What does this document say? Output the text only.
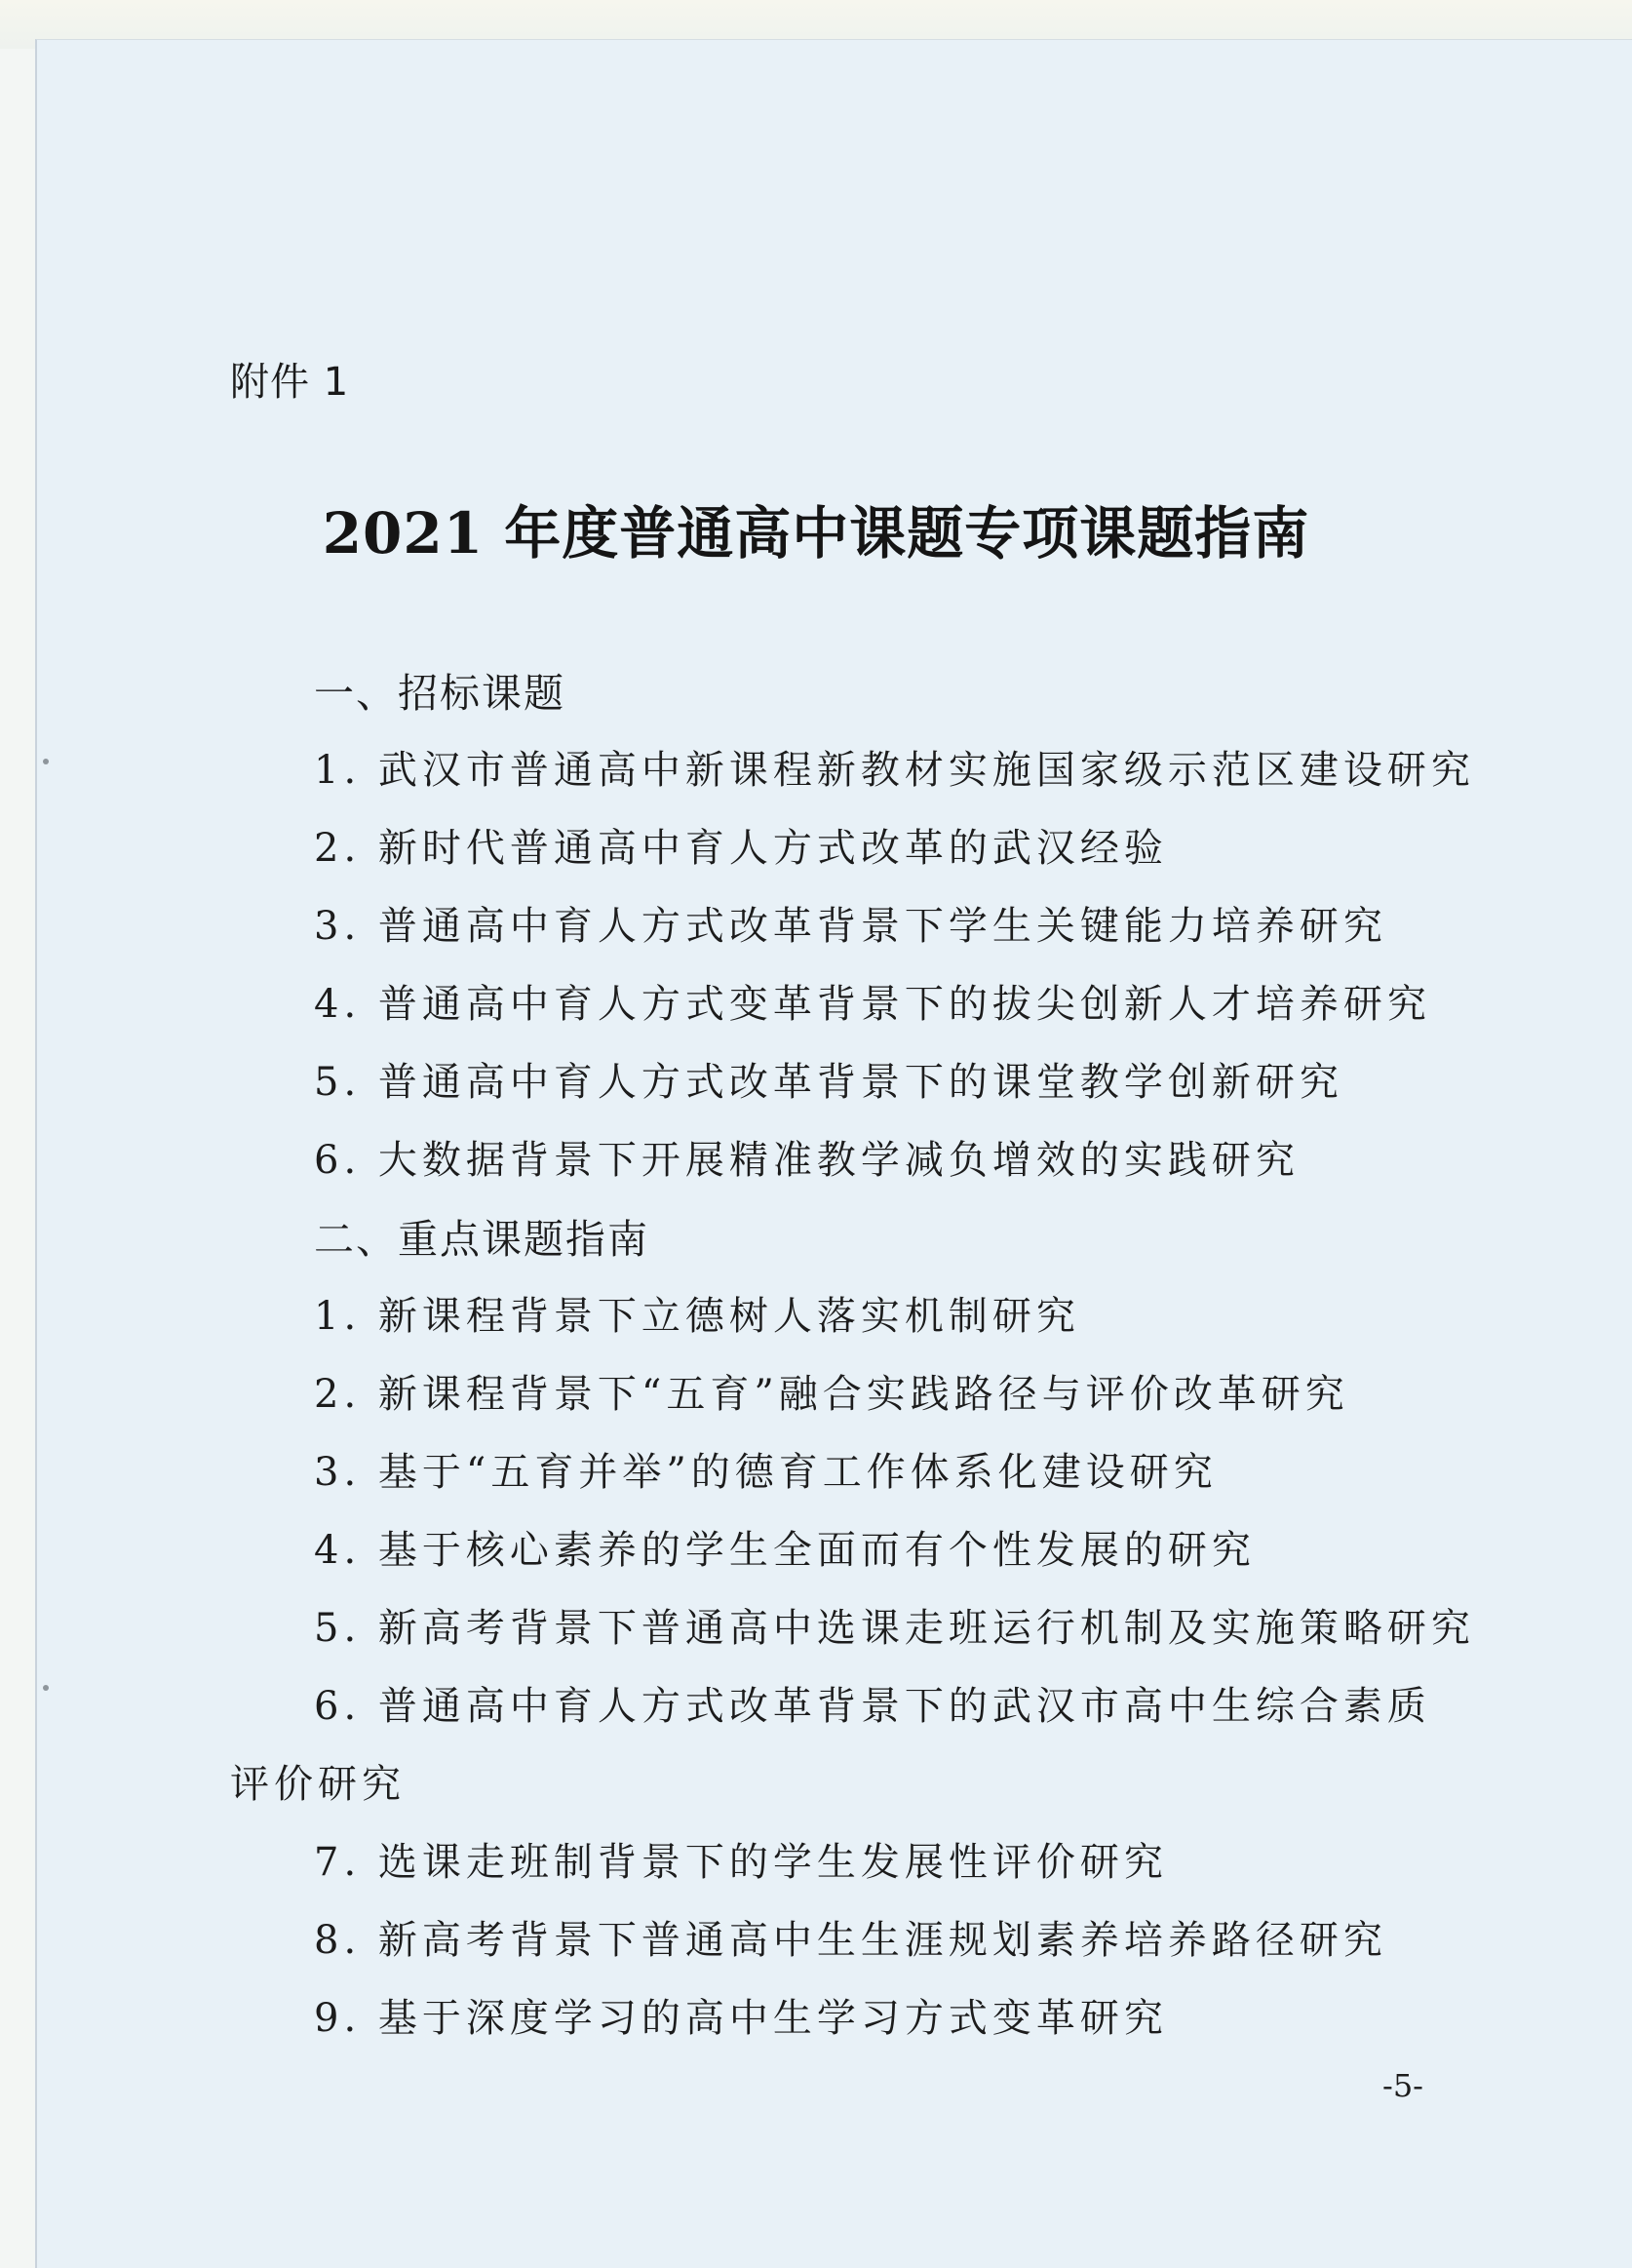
附件 1
2021 年度普通高中课题专项课题指南
一、招标课题
1. 武汉市普通高中新课程新教材实施国家级示范区建设研究
2. 新时代普通高中育人方式改革的武汉经验
3. 普通高中育人方式改革背景下学生关键能力培养研究
4. 普通高中育人方式变革背景下的拔尖创新人才培养研究
5. 普通高中育人方式改革背景下的课堂教学创新研究
6. 大数据背景下开展精准教学减负增效的实践研究
二、重点课题指南
1. 新课程背景下立德树人落实机制研究
2. 新课程背景下“五育”融合实践路径与评价改革研究
3. 基于“五育并举”的德育工作体系化建设研究
4. 基于核心素养的学生全面而有个性发展的研究
5. 新高考背景下普通高中选课走班运行机制及实施策略研究
6. 普通高中育人方式改革背景下的武汉市高中生综合素质
评价研究
7. 选课走班制背景下的学生发展性评价研究
8. 新高考背景下普通高中生生涯规划素养培养路径研究
9. 基于深度学习的高中生学习方式变革研究
-5-
